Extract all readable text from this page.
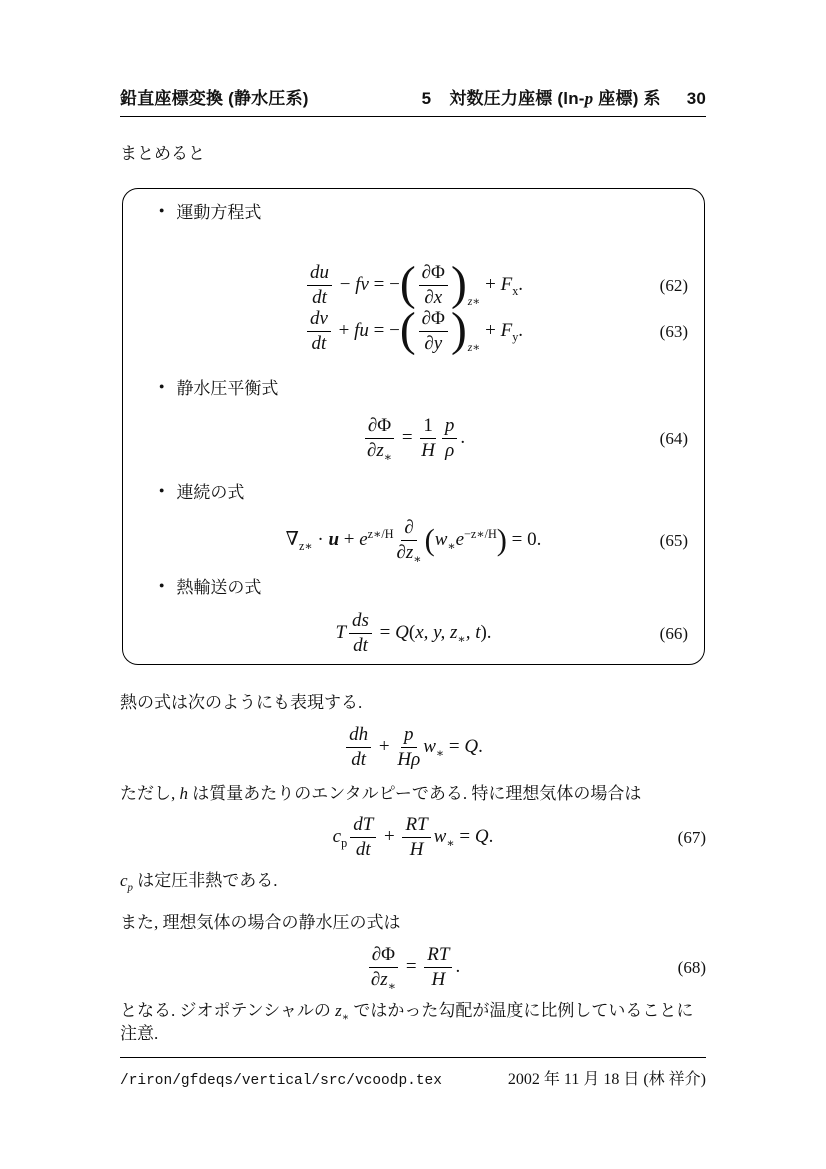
鉛直座標変換 (静水圧系)	5 対数圧力座標 (ln-p 座標) 系 30
まとめると
● 運動方程式
$\frac{du}{dt}$ − fv = −( $\frac{\partial\Phi}{\partial x} )_{z∗} + F_x$.	(62)
$\frac{dv}{dt}$ + fu = −( $\frac{\partial\Phi}{\partial y} )_{z∗} + F_y$.	(63)
● 静水圧平衡式
$\frac{\partial\Phi}{\partial z_∗} = \frac{1}{H} \frac{p}{\rho}$ .	(64)
● 連続の式
$\nabla_{z∗} \cdot u + e^{z∗/H} \frac{\partial}{\partial z_∗} (w_∗e^{-z∗/H}) = 0$.	(65)
● 熱輸送の式
T $\frac{ds}{dt} = Q(x$, y, $z_∗$, t).	(66)
熱の式は次のようにも表現する.
$\frac{dh}{dt} + \frac{p}{H\rho} w_∗ = Q$.
ただし, h は質量あたりのエンタルピーである. 特に理想気体の場合は
$c_p \frac{dT}{dt} + \frac{RT}{H} w_∗ = Q$.	(67)
$c_p$ は定圧非熱である.
また, 理想気体の場合の静水圧の式は
$\frac{\partial\Phi}{\partial z_∗} = \frac{RT}{H}$ .	(68)
となる. ジオポテンシャルの $z_∗$ ではかった勾配が温度に比例していることに注意.
/riron/gfdeqs/vertical/src/vcoodp.tex	2002 年 11 月 18 日 (林 祥介)
